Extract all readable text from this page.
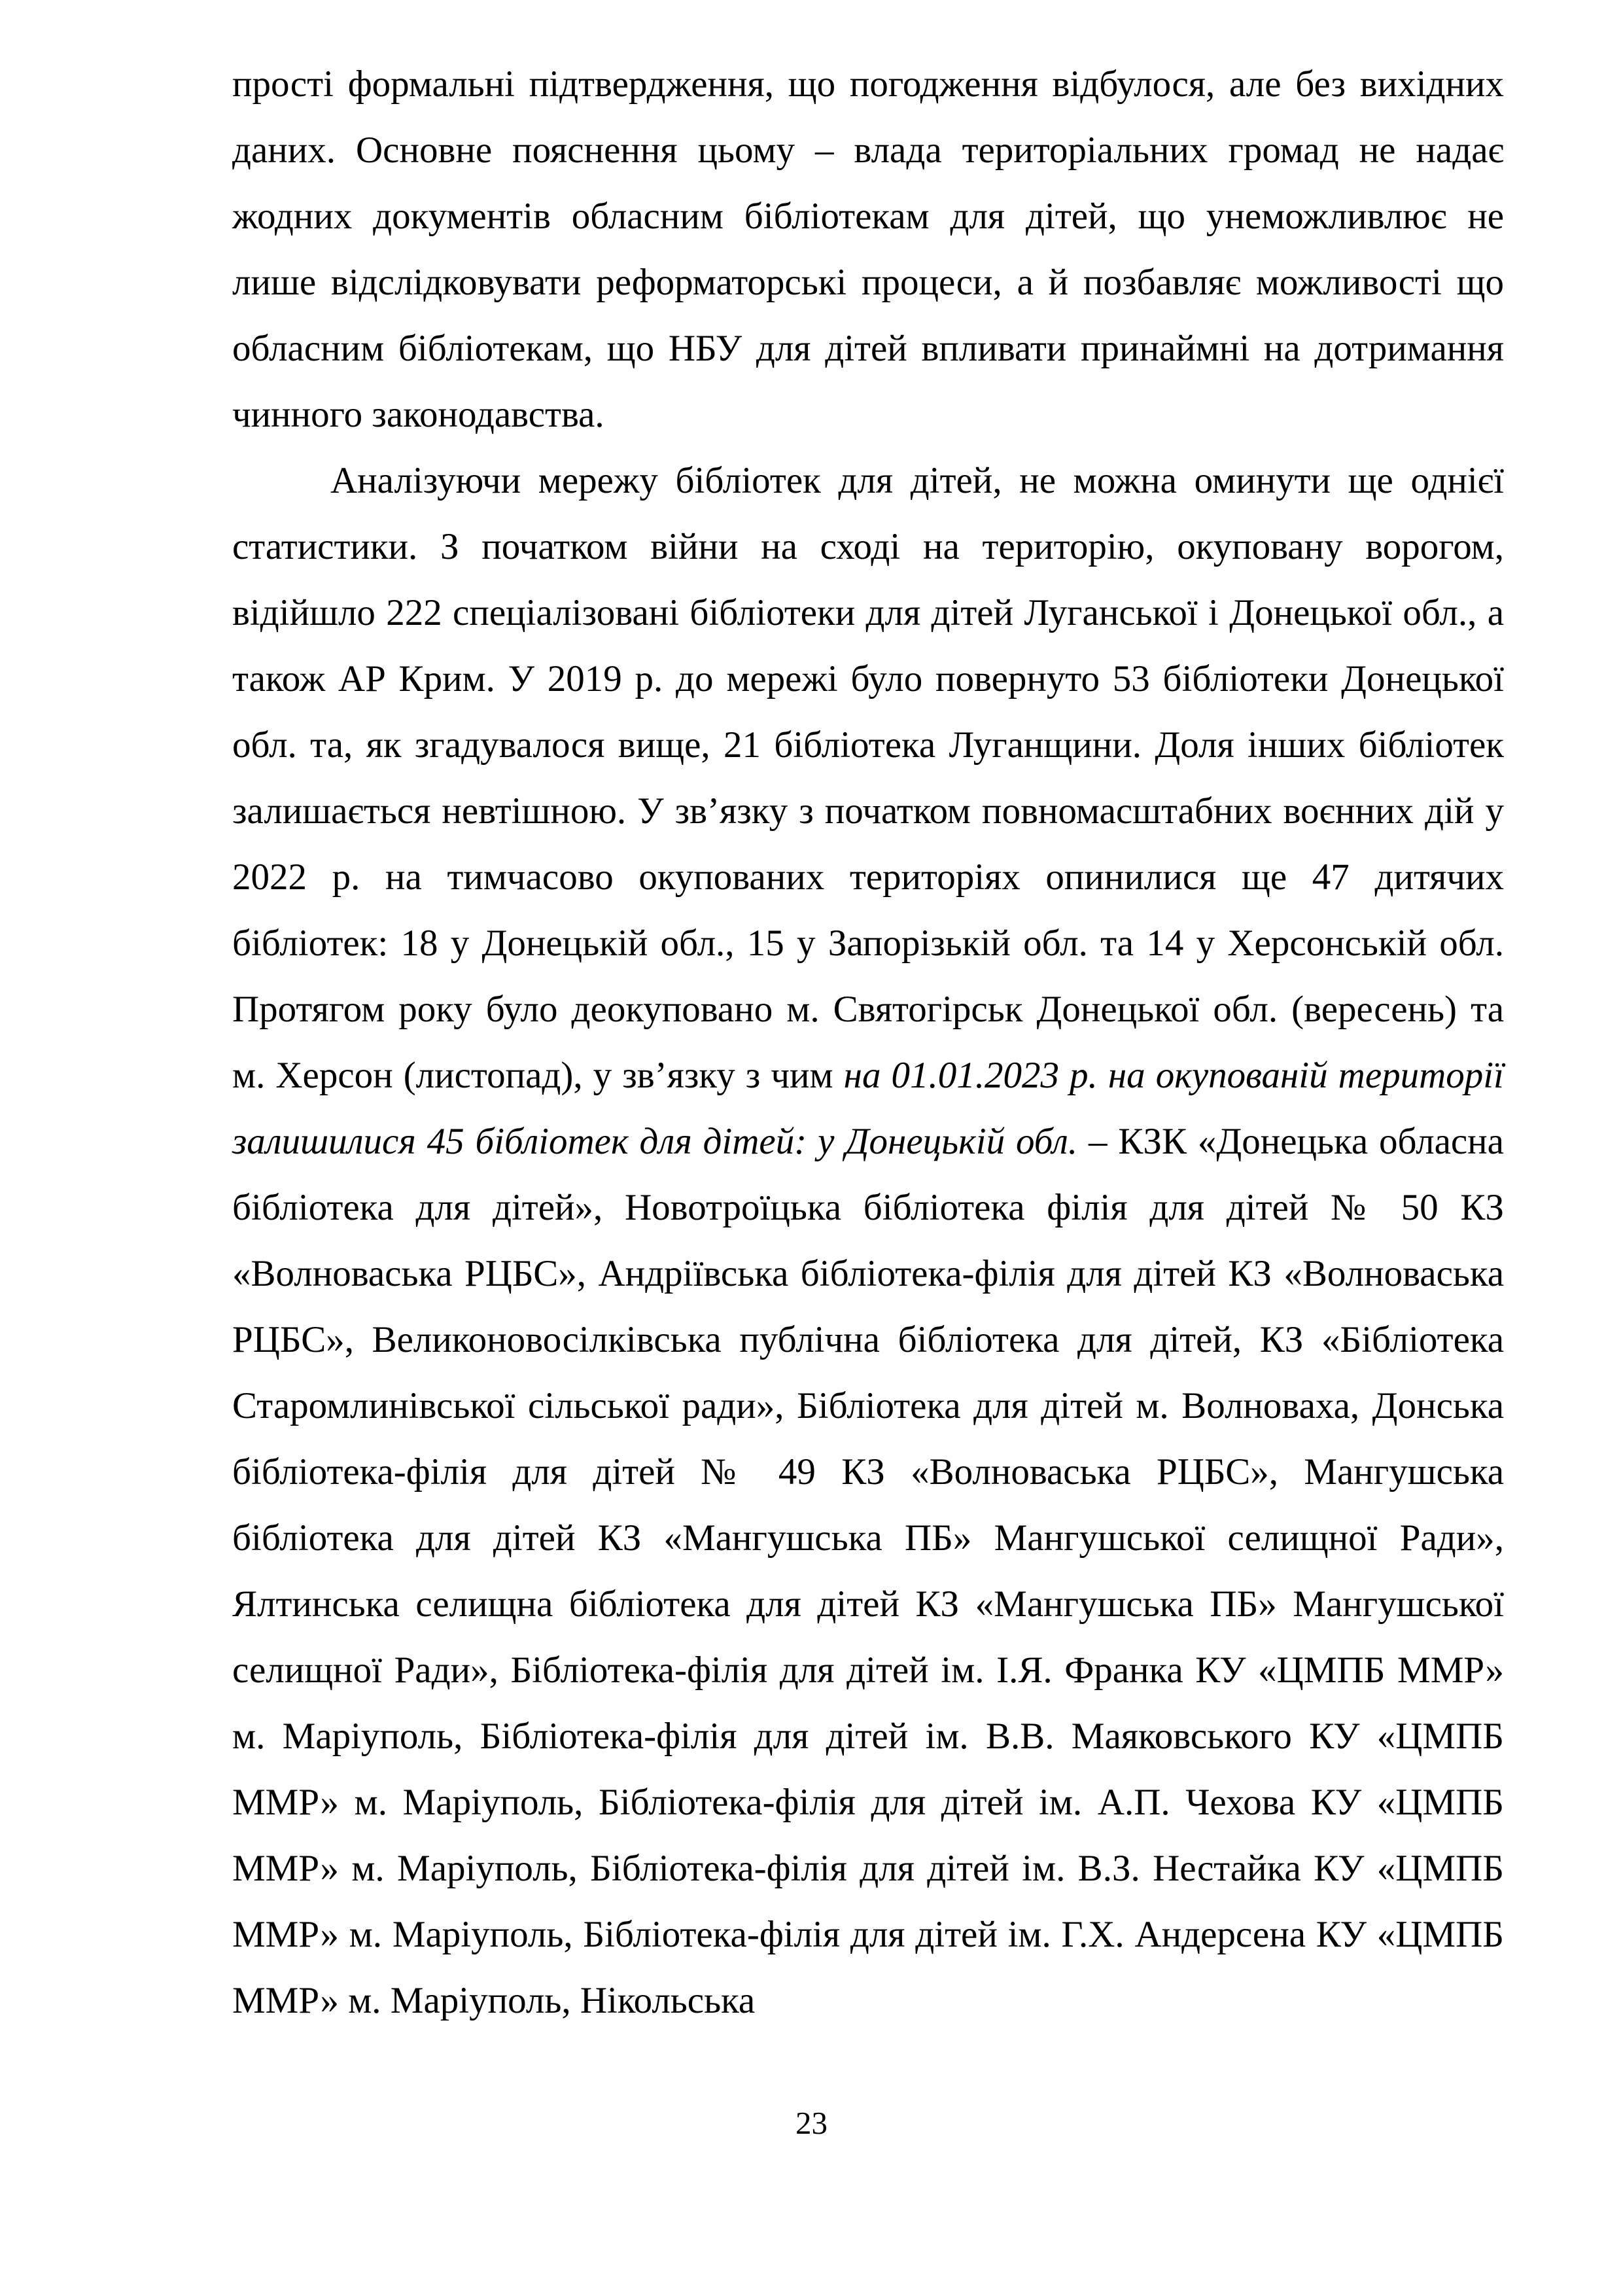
прості формальні підтвердження, що погодження відбулося, але без вихідних даних. Основне пояснення цьому – влада територіальних громад не надає жодних документів обласним бібліотекам для дітей, що унеможливлює не лише відслідковувати реформаторські процеси, а й позбавляє можливості що обласним бібліотекам, що НБУ для дітей впливати принаймні на дотримання чинного законодавства.

Аналізуючи мережу бібліотек для дітей, не можна оминути ще однієї статистики. З початком війни на сході на територію, окуповану ворогом, відійшло 222 спеціалізовані бібліотеки для дітей Луганської і Донецької обл., а також АР Крим. У 2019 р. до мережі було повернуто 53 бібліотеки Донецької обл. та, як згадувалося вище, 21 бібліотека Луганщини. Доля інших бібліотек залишається невтішною. У зв’язку з початком повномасштабних воєнних дій у 2022 р. на тимчасово окупованих територіях опинилися ще 47 дитячих бібліотек: 18 у Донецькій обл., 15 у Запорізькій обл. та 14 у Херсонській обл. Протягом року було деокуповано м. Святогірськ Донецької обл. (вересень) та м. Херсон (листопад), у зв’язку з чим на 01.01.2023 р. на окупованій території залишилися 45 бібліотек для дітей: у Донецькій обл. – КЗК «Донецька обласна бібліотека для дітей», Новотроїцька бібліотека філія для дітей № 50 КЗ «Волноваська РЦБС», Андріївська бібліотека-філія для дітей КЗ «Волноваська РЦБС», Великоновосілківська публічна бібліотека для дітей, КЗ «Бібліотека Старомлинівської сільської ради», Бібліотека для дітей м. Волноваха, Донська бібліотека-філія для дітей № 49 КЗ «Волноваська РЦБС», Мангушська бібліотека для дітей КЗ «Мангушська ПБ» Мангушської селищної Ради», Ялтинська селищна бібліотека для дітей КЗ «Мангушська ПБ» Мангушської селищної Ради», Бібліотека-філія для дітей ім. І.Я. Франка КУ «ЦМПБ ММР» м. Маріуполь, Бібліотека-філія для дітей ім. В.В. Маяковського КУ «ЦМПБ ММР» м. Маріуполь, Бібліотека-філія для дітей ім. А.П. Чехова КУ «ЦМПБ ММР» м. Маріуполь, Бібліотека-філія для дітей ім. В.З. Нестайка КУ «ЦМПБ ММР» м. Маріуполь, Бібліотека-філія для дітей ім. Г.Х. Андерсена КУ «ЦМПБ ММР» м. Маріуполь, Нікольська

23
